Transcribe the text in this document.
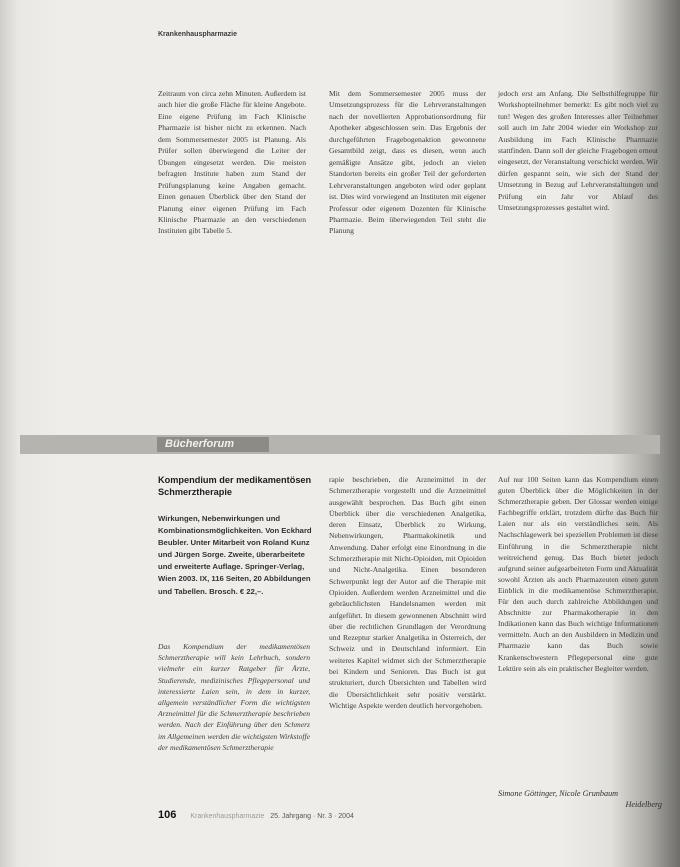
Krankenhauspharmazie

Zeitraum von circa zehn Minuten. Außerdem ist auch hier die große Fläche für kleine Angebote. Eine eigene Prüfung im Fach Klinische Pharmazie ist bisher nicht zu erkennen. Nach dem Sommersemester 2005 ist Planung. Als Prüfer sollen überwiegend die Leiter der Übungen eingesetzt werden. Die meisten befragten Institute haben zum Stand der Prüfungsplanung keine Angaben gemacht. Einen genauen Überblick über den Stand der Planung einer eigenen Prüfung im Fach Klinische Pharmazie an den verschiedenen Instituten gibt Tabelle 5.

Mit dem Sommersemester 2005 muss der Umsetzungsprozess für die Lehrveranstaltungen nach der novellierten Approbationsordnung für Apotheker abgeschlossen sein. Das Ergebnis der durchgeführten Fragebogenaktion gewonnene Gesamtbild zeigt, dass es diesen, wenn auch gemäßigte Ansätze gibt, jedoch an vielen Standorten bereits ein großer Teil der geforderten Lehrveranstaltungen angeboten wird oder geplant ist. Dies wird vorwiegend an Instituten mit eigener Professur oder eigenem Dozenten für Klinische Pharmazie. Beim überwiegenden Teil steht die Planung

jedoch erst am Anfang. Die Selbsthilfegruppe für Workshopteilnehmer bemerkt: Es gibt noch viel zu tun! Wegen des großen Interesses aller Teilnehmer soll auch im Jahr 2004 wieder ein Workshop zur Ausbildung im Fach Klinische Pharmazie stattfinden. Dann soll der gleiche Fragebogen erneut eingesetzt, der Veranstaltung verschickt werden. Wir dürfen gespannt sein, wie sich der Stand der Umsetzung in Bezug auf Lehrveranstaltungen und Prüfung ein Jahr vor Ablauf des Umsetzungsprozesses gestaltet wird.

Bücherforum
Kompendium der medikamentösen Schmerztherapie
Wirkungen, Nebenwirkungen und Kombinationsmöglichkeiten. Von Eckhard Beubler. Unter Mitarbeit von Roland Kunz und Jürgen Sorge. Zweite, überarbeitete und erweiterte Auflage. Springer-Verlag, Wien 2003. IX, 116 Seiten, 20 Abbildungen und Tabellen. Brosch. € 22,–.

Das Kompendium der medikamentösen Schmerztherapie will kein Lehrbuch, sondern vielmehr ein kurzer Ratgeber für Ärzte, Studierende, medizinisches Pflegepersonal und interessierte Laien sein, in dem in kurzer, allgemein verständlicher Form die wichtigsten Arzneimittel für die Schmerztherapie beschrieben werden. Nach der Einführung über den Schmerz im Allgemeinen werden die wichtigsten Wirkstoffe der medikamentösen Schmerztherapie

rapie beschrieben, die Arzneimittel in der Schmerztherapie vorgestellt und die Arzneimittel ausgewählt besprochen. Das Buch gibt einen Überblick über die verschiedenen Analgetika, deren Einsatz, Überblick zu Wirkung, Nebenwirkungen, Pharmakokinetik und Anwendung. Daher erfolgt eine Einordnung in die Schmerztherapie mit Nicht-Opioiden, mit Opioiden und Nicht-Analgetika. Einen besonderen Schwerpunkt legt der Autor auf die Therapie mit Opioiden. Außerdem werden Arzneimittel und die gebräuchlichsten Handelsnamen werden mit aufgeführt. In diesem gewonnenen Abschnitt wird über die rechtlichen Grundlagen der Verordnung und Rezeptur starker Analgetika in Österreich, der Schweiz und in Deutschland informiert. Ein weiteres Kapitel widmet sich der Schmerztherapie bei Kindern und Senioren. Das Buch ist gut strukturiert, durch Übersichten und Tabellen wird die Übersichtlichkeit sehr positiv verstärkt. Wichtige Aspekte werden deutlich hervorgehoben.

Auf nur 100 Seiten kann das Kompendium einen guten Überblick über die Möglichkeiten in der Schmerztherapie geben. Der Glossar werden einige Fachbegriffe erklärt, trotzdem dürfte das Buch für Laien nur als ein verständliches sein. Als Nachschlagewerk bei speziellen Problemen ist diese Einführung in die Schmerztherapie nicht weitreichend genug. Das Buch bietet jedoch aufgrund seiner aufgearbeiteten Form und Aktualität sowohl Ärzten als auch Pharmazeuten einen guten Einblick in die medikamentöse Schmerztherapie. Für den auch durch zahlreiche Abbildungen und Abschnitte zur Pharmakotherapie in den Indikationen kann das Buch wichtige Informationen vermitteln. Auch an den Ausbildern in Medizin und Pharmazie kann das Buch sowie Krankenschwestern Pflegepersonal eine gute Lektüre sein als ein praktischer Begleiter werden.

Simone Göttinger, Nicole Grunbaum
Heidelberg
106 Krankenhauspharmazie 25. Jahrgang · Nr. 3 · 2004
